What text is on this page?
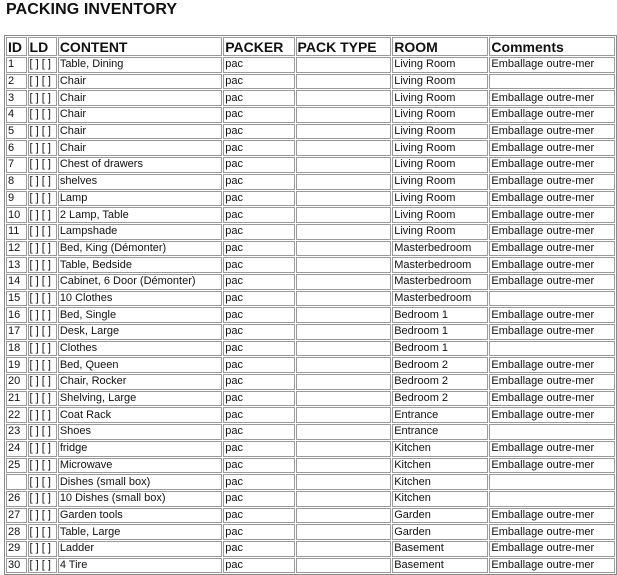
PACKING INVENTORY
ID	LD	CONTENT	PACKER	PACK TYPE	ROOM	Comments
1	[ ] [ ]	Table, Dining	pac		Living Room	Emballage outre-mer
2	[ ] [ ]	Chair	pac		Living Room	
3	[ ] [ ]	Chair	pac		Living Room	Emballage outre-mer
4	[ ] [ ]	Chair	pac		Living Room	Emballage outre-mer
5	[ ] [ ]	Chair	pac		Living Room	Emballage outre-mer
6	[ ] [ ]	Chair	pac		Living Room	Emballage outre-mer
7	[ ] [ ]	Chest of drawers	pac		Living Room	Emballage outre-mer
8	[ ] [ ]	shelves	pac		Living Room	Emballage outre-mer
9	[ ] [ ]	Lamp	pac		Living Room	Emballage outre-mer
10	[ ] [ ]	2 Lamp, Table	pac		Living Room	Emballage outre-mer
11	[ ] [ ]	Lampshade	pac		Living Room	Emballage outre-mer
12	[ ] [ ]	Bed, King (Démonter)	pac		Masterbedroom	Emballage outre-mer
13	[ ] [ ]	Table, Bedside	pac		Masterbedroom	Emballage outre-mer
14	[ ] [ ]	Cabinet, 6 Door (Démonter)	pac		Masterbedroom	Emballage outre-mer
15	[ ] [ ]	10 Clothes	pac		Masterbedroom	
16	[ ] [ ]	Bed, Single	pac		Bedroom 1	Emballage outre-mer
17	[ ] [ ]	Desk, Large	pac		Bedroom 1	Emballage outre-mer
18	[ ] [ ]	Clothes	pac		Bedroom 1	
19	[ ] [ ]	Bed, Queen	pac		Bedroom 2	Emballage outre-mer
20	[ ] [ ]	Chair, Rocker	pac		Bedroom 2	Emballage outre-mer
21	[ ] [ ]	Shelving, Large	pac		Bedroom 2	Emballage outre-mer
22	[ ] [ ]	Coat Rack	pac		Entrance	Emballage outre-mer
23	[ ] [ ]	Shoes	pac		Entrance	
24	[ ] [ ]	fridge	pac		Kitchen	Emballage outre-mer
25	[ ] [ ]	Microwave	pac		Kitchen	Emballage outre-mer
	[ ] [ ]	Dishes (small box)	pac		Kitchen	
26	[ ] [ ]	10 Dishes (small box)	pac		Kitchen	
27	[ ] [ ]	Garden tools	pac		Garden	Emballage outre-mer
28	[ ] [ ]	Table, Large	pac		Garden	Emballage outre-mer
29	[ ] [ ]	Ladder	pac		Basement	Emballage outre-mer
30	[ ] [ ]	4 Tire	pac		Basement	Emballage outre-mer
